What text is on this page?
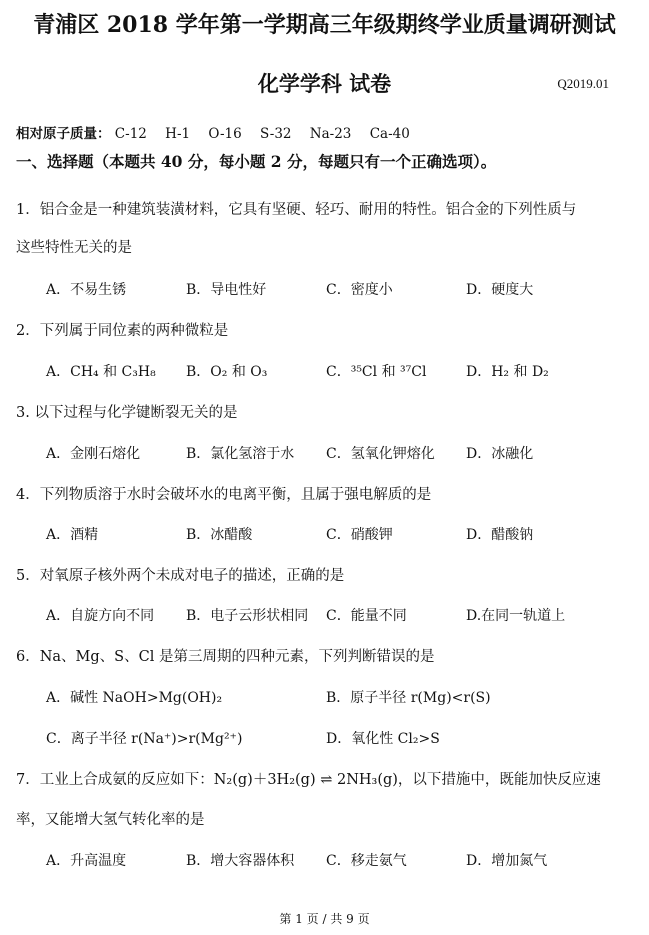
青浦区 2018 学年第一学期高三年级期终学业质量调研测试
化学学科 试卷	Q2019.01
相对原子质量： C-12 H-1 O-16 S-32 Na-23 Ca-40
一、选择题（本题共 40 分，每小题 2 分，每题只有一个正确选项）。
1．铝合金是一种建筑装潢材料，它具有坚硬、轻巧、耐用的特性。铝合金的下列性质与
这些特性无关的是
A．不易生锈	B．导电性好	C．密度小	D．硬度大
2．下列属于同位素的两种微粒是
A．CH₄ 和 C₃H₈ B．O₂ 和 O₃	C．³⁵Cl 和 ³⁷Cl	D．H₂ 和 D₂
3. 以下过程与化学键断裂无关的是
A．金刚石熔化	B．氯化氢溶于水 C．氢氧化钾熔化 D．冰融化
4．下列物质溶于水时会破坏水的电离平衡，且属于强电解质的是
A．酒精	B．冰醋酸	C．硝酸钾	D．醋酸钠
5．对氧原子核外两个未成对电子的描述，正确的是
A．自旋方向不同 B．电子云形状相同 C．能量不同	D.在同一轨道上
6．Na、Mg、S、Cl 是第三周期的四种元素，下列判断错误的是
A．碱性 NaOH>Mg(OH)₂	B．原子半径 r(Mg)<r(S)
C．离子半径 r(Na⁺)>r(Mg²⁺)	D．氧化性 Cl₂>S
7．工业上合成氨的反应如下：N₂(g)＋3H₂(g) ⇌ 2NH₃(g)，以下措施中，既能加快反应速
率，又能增大氢气转化率的是
A．升高温度	B．增大容器体积 C．移走氨气	D．增加氮气
第 1 页 / 共 9 页
